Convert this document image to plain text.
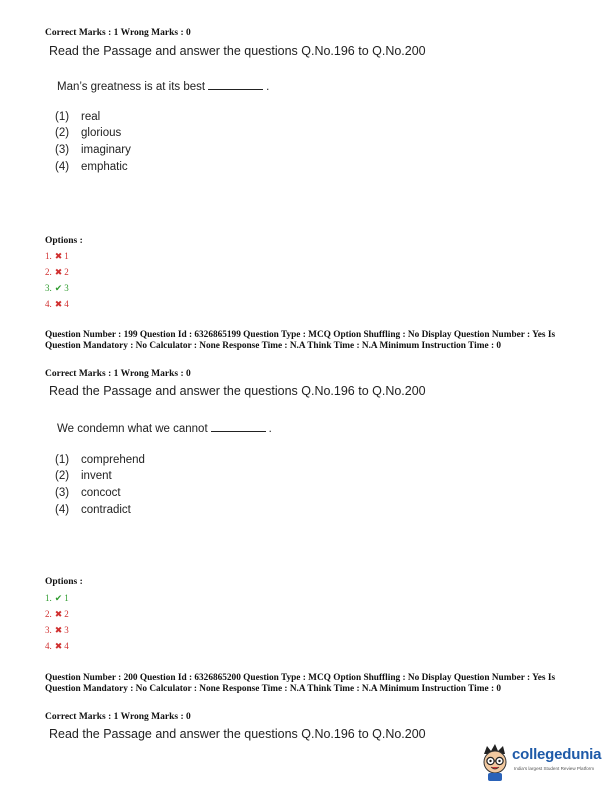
Correct Marks : 1 Wrong Marks : 0
Read the Passage and answer the questions Q.No.196 to Q.No.200
Man’s greatness is at its best	.
(1) real
(2) glorious
(3) imaginary
(4) emphatic
Options :
1. ✖ 1
2. ✖ 2
3. ✔ 3
4. ✖ 4
Question Number : 199 Question Id : 6326865199 Question Type : MCQ Option Shuffling : No Display Question Number : Yes Is Question Mandatory : No Calculator : None Response Time : N.A Think Time : N.A Minimum Instruction Time : 0
Correct Marks : 1 Wrong Marks : 0
Read the Passage and answer the questions Q.No.196 to Q.No.200
We condemn what we cannot	.
(1) comprehend
(2) invent
(3) concoct
(4) contradict
Options :
1. ✔ 1
2. ✖ 2
3. ✖ 3
4. ✖ 4
Question Number : 200 Question Id : 6326865200 Question Type : MCQ Option Shuffling : No Display Question Number : Yes Is Question Mandatory : No Calculator : None Response Time : N.A Think Time : N.A Minimum Instruction Time : 0
Correct Marks : 1 Wrong Marks : 0
Read the Passage and answer the questions Q.No.196 to Q.No.200
collegedunia
India's largest Student Review Platform
